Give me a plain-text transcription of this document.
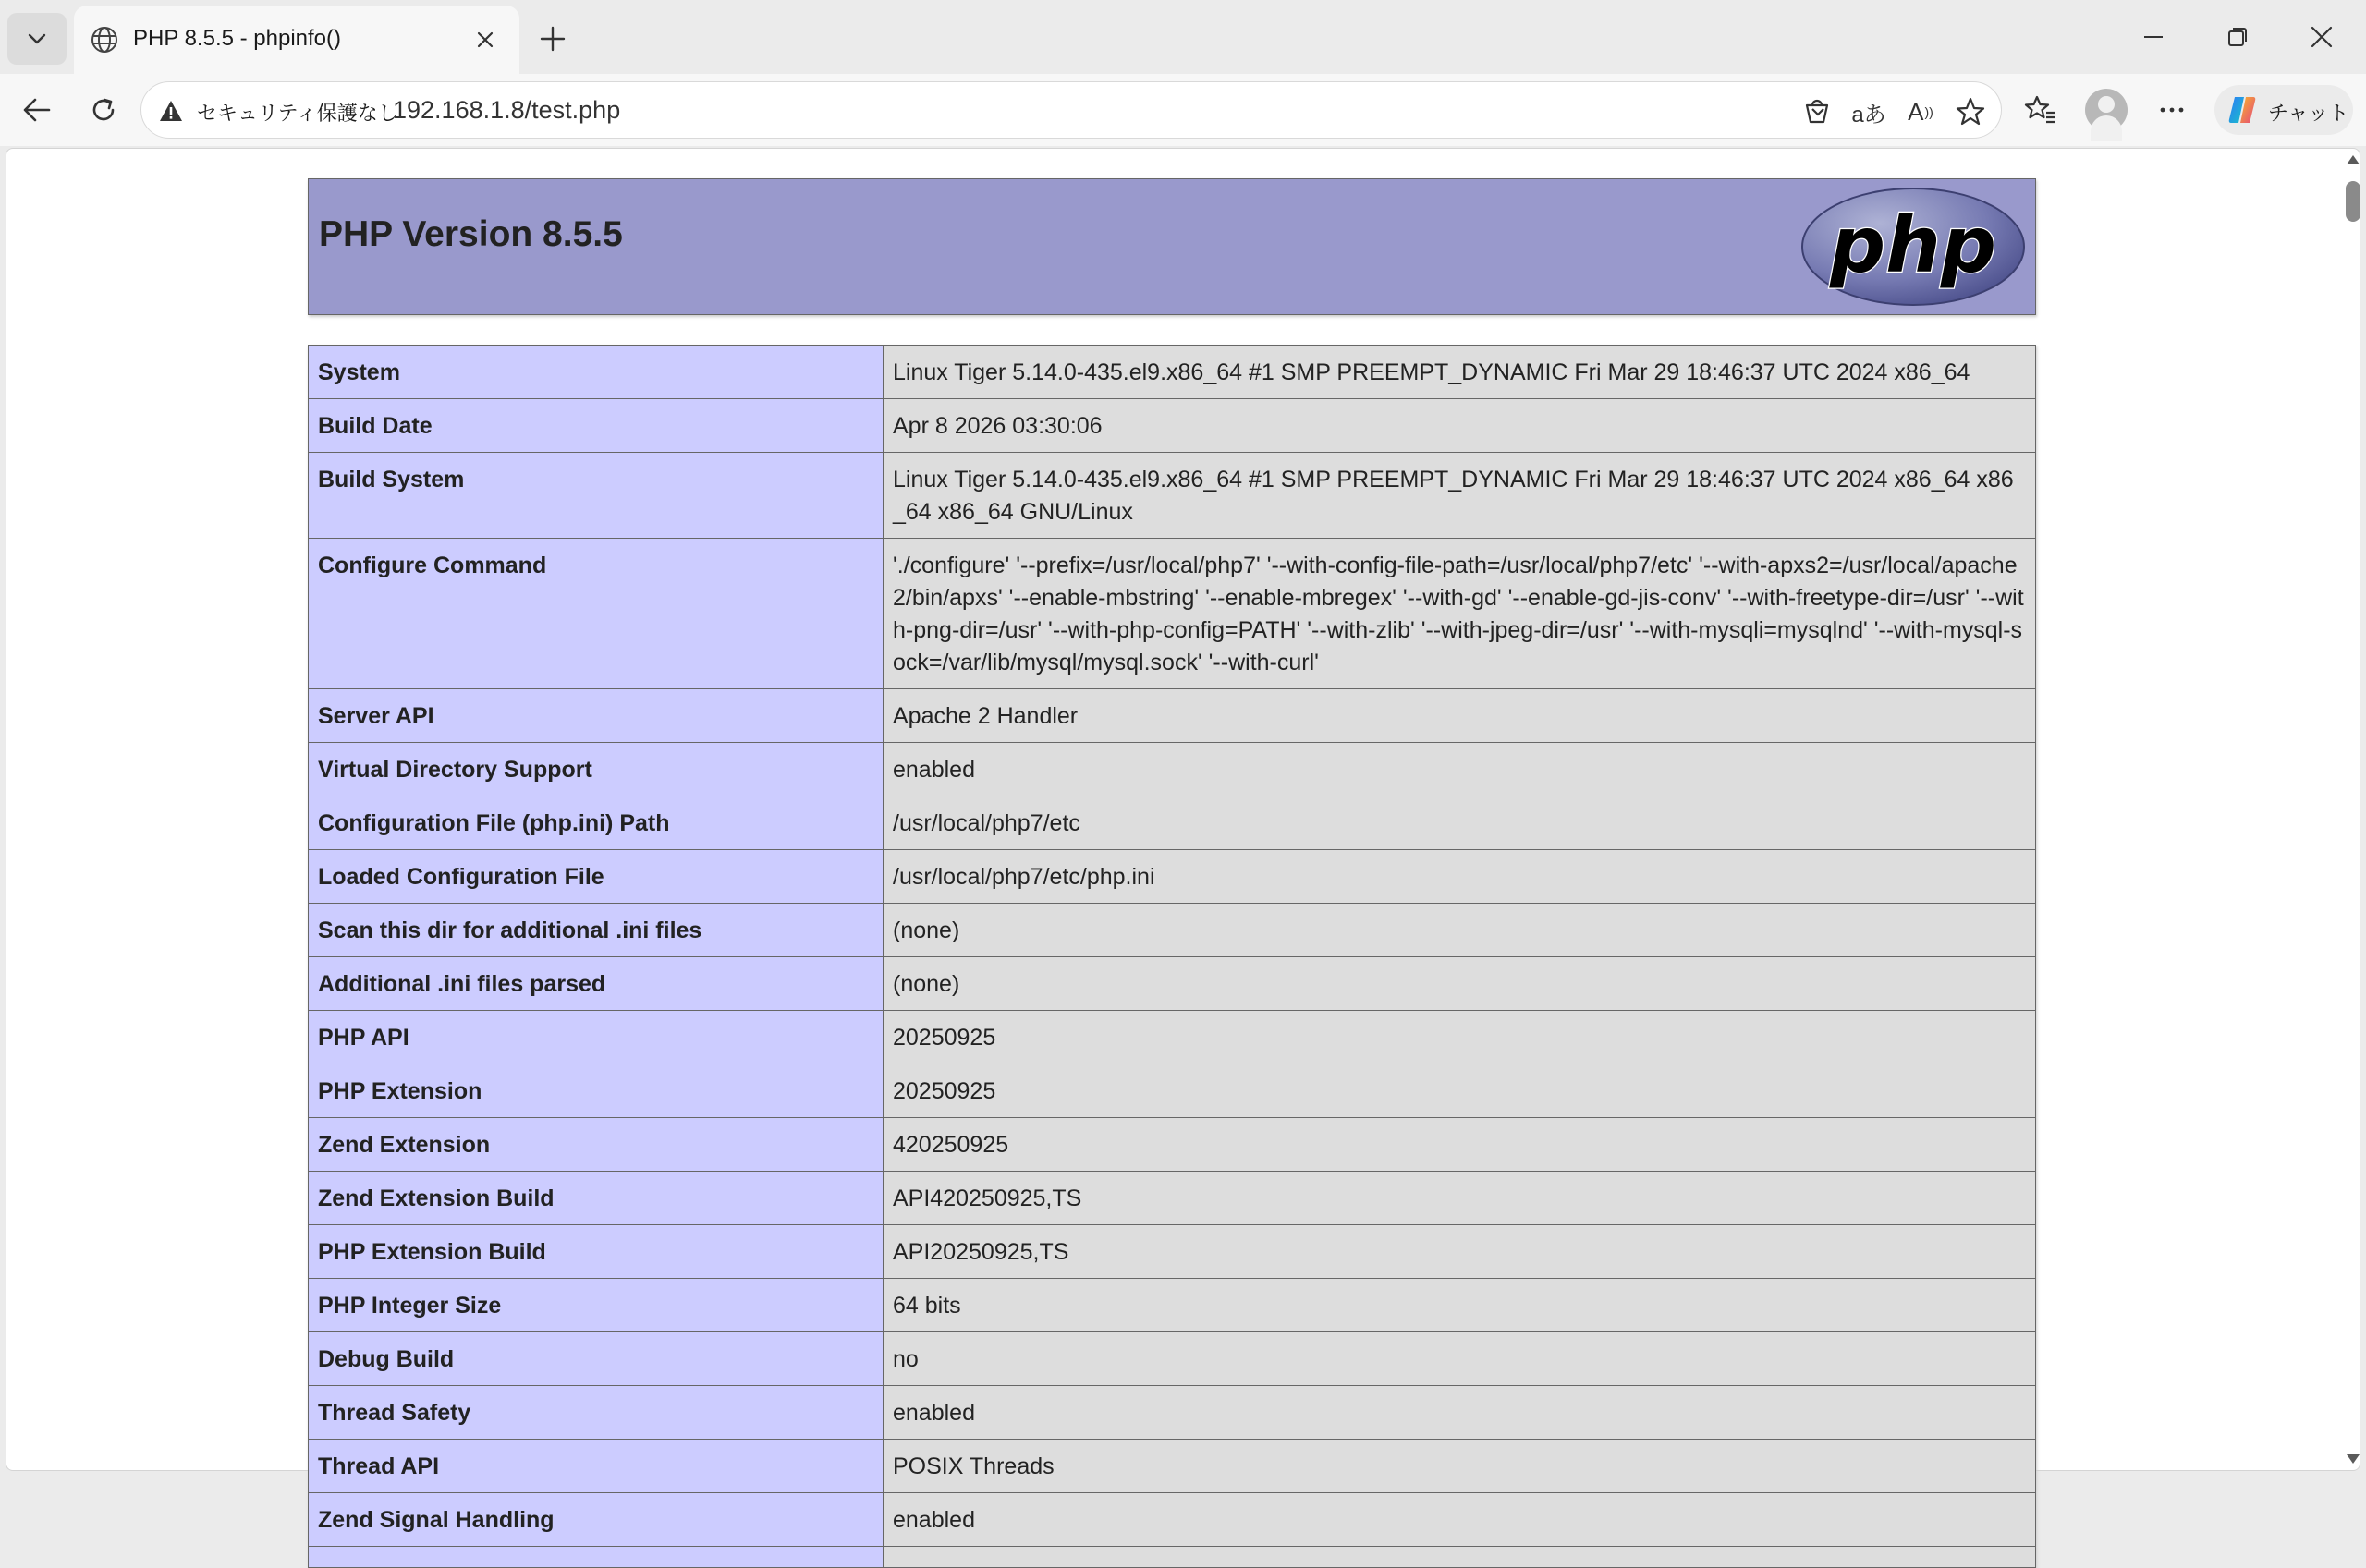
PHP 8.5.5 - phpinfo()
セキュリティ保護なし
192.168.1.8/test.php	aあ A ))	チャット
PHP Version 8.5.5	php
System	Linux Tiger 5.14.0-435.el9.x86_64 #1 SMP PREEMPT_DYNAMIC Fri Mar 29 18:46:37 UTC 2024 x86_64
Build Date	Apr 8 2026 03:30:06
Build System	Linux Tiger 5.14.0-435.el9.x86_64 #1 SMP PREEMPT_DYNAMIC Fri Mar 29 18:46:37 UTC 2024 x86_64 x86_64 x86_64 GNU/Linux
Configure Command	'./configure' '--prefix=/usr/local/php7' '--with-config-file-path=/usr/local/php7/etc' '--with-apxs2=/usr/local/apache2/bin/apxs' '--enable-mbstring' '--enable-mbregex' '--with-gd' '--enable-gd-jis-conv' '--with-freetype-dir=/usr' '--with-png-dir=/usr' '--with-php-config=PATH' '--with-zlib' '--with-jpeg-dir=/usr' '--with-mysqli=mysqlnd' '--with-mysql-sock=/var/lib/mysql/mysql.sock' '--with-curl'
Server API	Apache 2 Handler
Virtual Directory Support	enabled
Configuration File (php.ini) Path	/usr/local/php7/etc
Loaded Configuration File	/usr/local/php7/etc/php.ini
Scan this dir for additional .ini files	(none)
Additional .ini files parsed	(none)
PHP API	20250925
PHP Extension	20250925
Zend Extension	420250925
Zend Extension Build	API420250925,TS
PHP Extension Build	API20250925,TS
PHP Integer Size	64 bits
Debug Build	no
Thread Safety	enabled
Thread API	POSIX Threads
Zend Signal Handling	enabled
